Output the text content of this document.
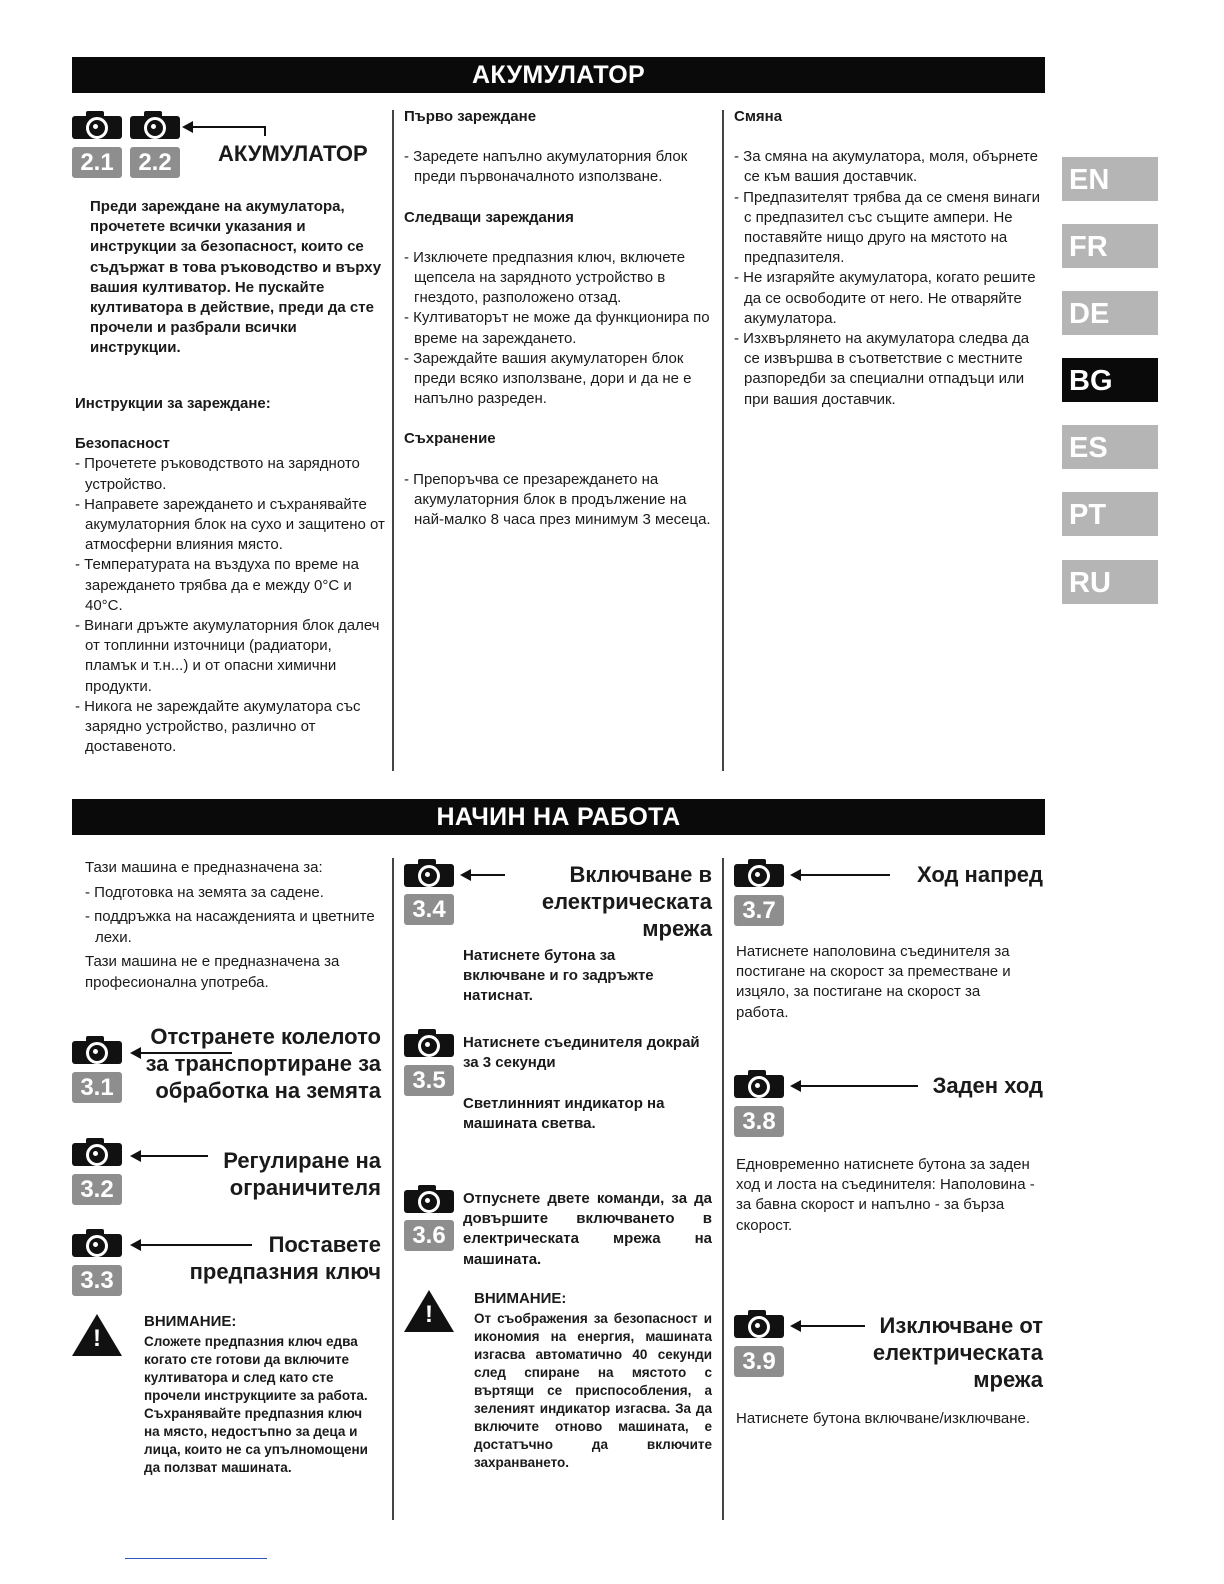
АКУМУЛАТОР
НАЧИН НА РАБОТА
EN
FR
DE
BG
ES
PT
RU
2.1	2.2	АКУМУЛАТОР
Преди зареждане на акумулатора, прочетете всички указания и инструкции за безопасност, които се съдържат в това ръководство и върху вашия култиватор. Не пускайте култиватора в действие, преди да сте прочели и разбрали всички инструкции.
Инструкции за зареждане:
Безопасност
- Прочетете ръководството на зарядното устройство.
- Направете зареждането и съхранявайте акумулаторния блок на сухо и защитено от атмосферни влияния място.
- Температурата на въздуха по време на зареждането трябва да е между 0°C и 40°C.
- Винаги дръжте акумулаторния блок далеч от топлинни източници (радиатори, пламък и т.н...) и от опасни химични продукти.
- Никога не зареждайте акумулатора със зарядно устройство, различно от доставеното.
Първо зареждане
- Заредете напълно акумулаторния блок преди първоначалното използване.
Следващи зареждания
- Изключете предпазния ключ, включете щепсела на зарядното устройство в гнездото, разположено отзад.
- Култиваторът не може да функционира по време на зареждането.
- Зареждайте вашия акумулаторен блок преди всяко използване, дори и да не е напълно разреден.
Съхранение
- Препоръчва се презареждането на акумулаторния блок в продължение на най-малко 8 часа през минимум 3 месеца.
Смяна
- За смяна на акумулатора, моля, обърнете се към вашия доставчик.
- Предпазителят трябва да се сменя винаги с предпазител със същите ампери. Не поставяйте нищо друго на мястото на предпазителя.
- Не изгаряйте акумулатора, когато решите да се освободите от него. Не отваряйте акумулатора.
- Изхвърлянето на акумулатора следва да се извършва в съответствие с местните разпоредби за специални отпадъци или при вашия доставчик.
Тази машина е предназначена за:
- Подготовка на земята за садене.
- поддръжка на насажденията и цветните лехи.
Тази машина не е предназначена за професионална употреба.
3.1
Отстранете колелото за транспортиране за обработка на земята
3.2
Регулиране на ограничителя
3.3
Поставете предпазния ключ
!
ВНИМАНИЕ:
Сложете предпазния ключ едва когато сте готови да включите култиватора и след като сте прочели инструкциите за работа. Съхранявайте предпазния ключ на място, недостъпно за деца и лица, които не са упълномощени да ползват машината.
3.4
Включване в електрическата мрежа
Натиснете бутона за включване и го задръжте натиснат.
3.5
Натиснете съединителя докрай за 3 секунди
Светлинният индикатор на машината светва.
3.6
Отпуснете двете команди, за да довършите включването в електрическата мрежа на машината.
!
ВНИМАНИЕ:
От съображения за безопасност и икономия на енергия, машината изгасва автоматично 40 секунди след спиране на мястото с въртящи се приспособления, а зеленият индикатор изгасва. За да включите отново машината, е достатъчно да включите захранването.
3.7
Ход напред
Натиснете наполовина съединителя за постигане на скорост за преместване и изцяло, за постигане на скорост за работа.
3.8
Заден ход
Едновременно натиснете бутона за заден ход и лоста на съединителя: Наполовина - за бавна скорост и напълно - за бърза скорост.
3.9
Изключване от електрическата мрежа
Натиснете бутона включване/изключване.
